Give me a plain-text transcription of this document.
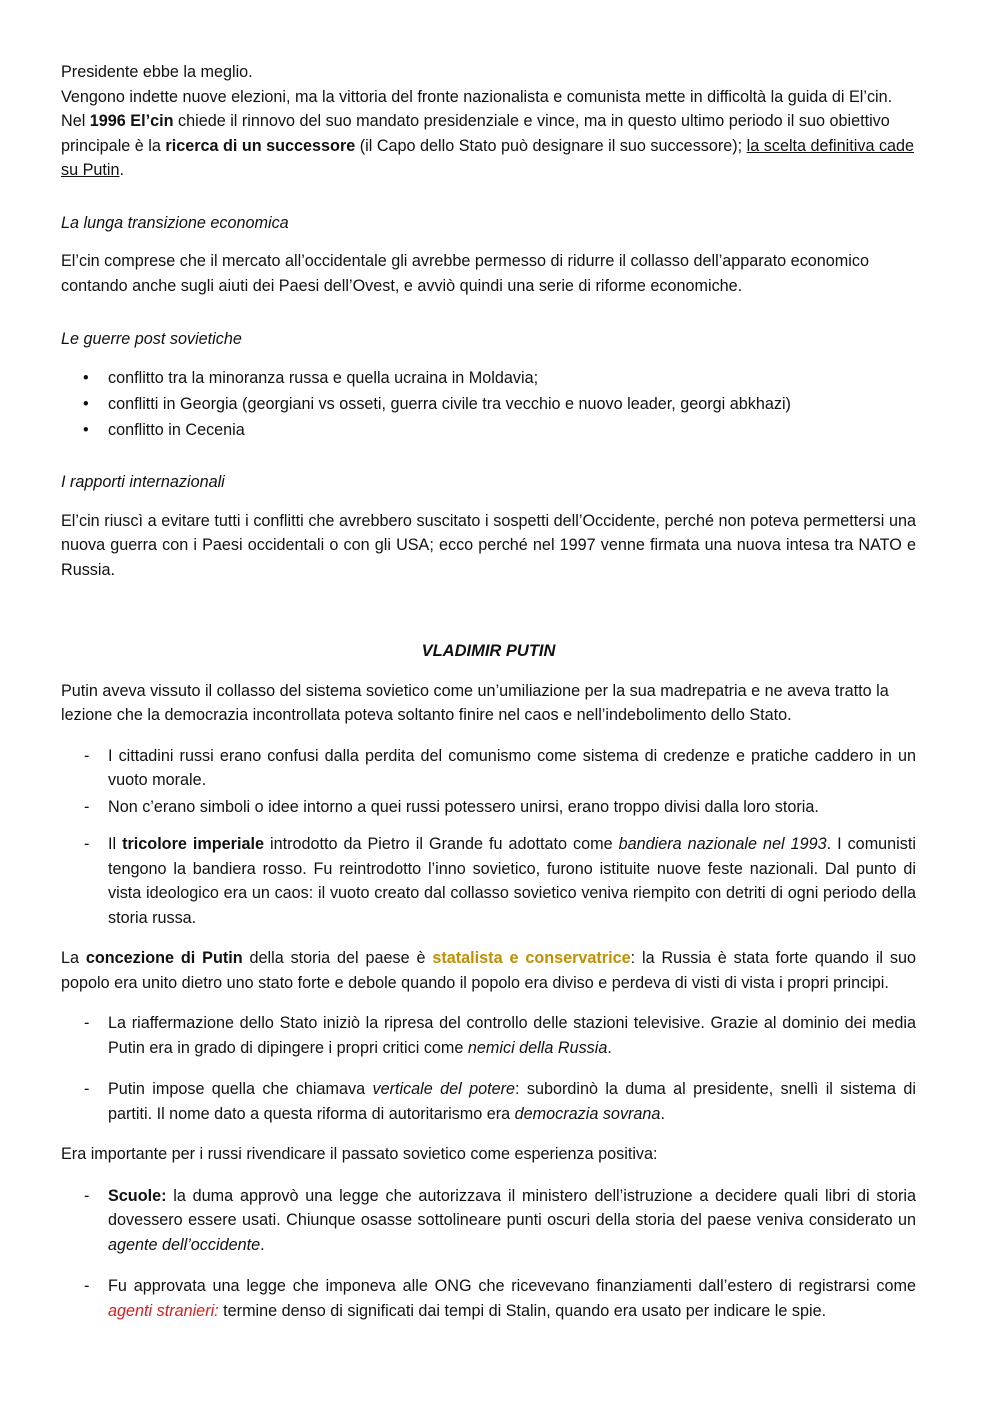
Presidente ebbe la meglio.

Vengono indette nuove elezioni, ma la vittoria del fronte nazionalista e comunista mette in difficoltà la guida di El’cin.

Nel 1996 El’cin chiede il rinnovo del suo mandato presidenziale e vince, ma in questo ultimo periodo il suo obiettivo principale è la ricerca di un successore (il Capo dello Stato può designare il suo successore); la scelta definitiva cade su Putin.

La lunga transizione economica

El’cin comprese che il mercato all’occidentale gli avrebbe permesso di ridurre il collasso dell’apparato economico contando anche sugli aiuti dei Paesi dell’Ovest, e avviò quindi una serie di riforme economiche.

Le guerre post sovietiche

• conflitto tra la minoranza russa e quella ucraina in Moldavia;
• conflitti in Georgia (georgiani vs osseti, guerra civile tra vecchio e nuovo leader, georgi abkhazi)
• conflitto in Cecenia

I rapporti internazionali

El’cin riuscì a evitare tutti i conflitti che avrebbero suscitato i sospetti dell’Occidente, perché non poteva permettersi una nuova guerra con i Paesi occidentali o con gli USA; ecco perché nel 1997 venne firmata una nuova intesa tra NATO e Russia.

VLADIMIR PUTIN

Putin aveva vissuto il collasso del sistema sovietico come un’umiliazione per la sua madrepatria e ne aveva tratto la lezione che la democrazia incontrollata poteva soltanto finire nel caos e nell’indebolimento dello Stato.

- I cittadini russi erano confusi dalla perdita del comunismo come sistema di credenze e pratiche caddero in un vuoto morale.
- Non c’erano simboli o idee intorno a quei russi potessero unirsi, erano troppo divisi dalla loro storia.
- Il tricolore imperiale introdotto da Pietro il Grande fu adottato come bandiera nazionale nel 1993. I comunisti tengono la bandiera rosso. Fu reintrodotto l’inno sovietico, furono istituite nuove feste nazionali. Dal punto di vista ideologico era un caos: il vuoto creato dal collasso sovietico veniva riempito con detriti di ogni periodo della storia russa.

La concezione di Putin della storia del paese è statalista e conservatrice: la Russia è stata forte quando il suo popolo era unito dietro uno stato forte e debole quando il popolo era diviso e perdeva di visti di vista i propri principi.

- La riaffermazione dello Stato iniziò la ripresa del controllo delle stazioni televisive. Grazie al dominio dei media Putin era in grado di dipingere i propri critici come nemici della Russia.
- Putin impose quella che chiamava verticale del potere: subordinò la duma al presidente, snellì il sistema di partiti. Il nome dato a questa riforma di autoritarismo era democrazia sovrana.

Era importante per i russi rivendicare il passato sovietico come esperienza positiva:

- Scuole: la duma approvò una legge che autorizzava il ministero dell’istruzione a decidere quali libri di storia dovessero essere usati. Chiunque osasse sottolineare punti oscuri della storia del paese veniva considerato un agente dell’occidente.
- Fu approvata una legge che imponeva alle ONG che ricevevano finanziamenti dall’estero di registrarsi come agenti stranieri: termine denso di significati dai tempi di Stalin, quando era usato per indicare le spie.
